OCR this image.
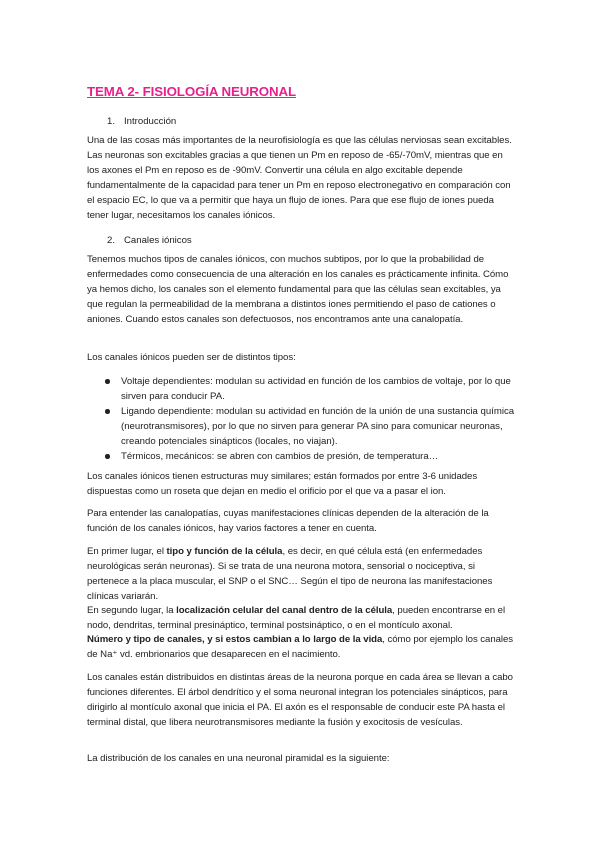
TEMA 2- FISIOLOGÍA NEURONAL
1. Introducción

Una de las cosas más importantes de la neurofisiología es que las células nerviosas sean excitables. Las neuronas son excitables gracias a que tienen un Pm en reposo de -65/-70mV, mientras que en los axones el Pm en reposo es de -90mV. Convertir una célula en algo excitable depende fundamentalmente de la capacidad para tener un Pm en reposo electronegativo en comparación con el espacio EC, lo que va a permitir que haya un flujo de iones. Para que ese flujo de iones pueda tener lugar, necesitamos los canales iónicos.

2. Canales iónicos

Tenemos muchos tipos de canales iónicos, con muchos subtipos, por lo que la probabilidad de enfermedades como consecuencia de una alteración en los canales es prácticamente infinita. Cómo ya hemos dicho, los canales son el elemento fundamental para que las células sean excitables, ya que regulan la permeabilidad de la membrana a distintos iones permitiendo el paso de cationes o aniones. Cuando estos canales son defectuosos, nos encontramos ante una canalopatía.

Los canales iónicos pueden ser de distintos tipos:

Voltaje dependientes: modulan su actividad en función de los cambios de voltaje, por lo que sirven para conducir PA.
Ligando dependiente: modulan su actividad en función de la unión de una sustancia química (neurotransmisores), por lo que no sirven para generar PA sino para comunicar neuronas, creando potenciales sinápticos (locales, no viajan).
Térmicos, mecánicos: se abren con cambios de presión, de temperatura…

Los canales iónicos tienen estructuras muy similares; están formados por entre 3-6 unidades dispuestas como un roseta que dejan en medio el orificio por el que va a pasar el ion.

Para entender las canalopatías, cuyas manifestaciones clínicas dependen de la alteración de la función de los canales iónicos, hay varios factores a tener en cuenta.

En primer lugar, el tipo y función de la célula, es decir, en qué célula está (en enfermedades neurológicas serán neuronas). Si se trata de una neurona motora, sensorial o nociceptiva, si pertenece a la placa muscular, el SNP o el SNC… Según el tipo de neurona las manifestaciones clínicas variarán.

En segundo lugar, la localización celular del canal dentro de la célula, pueden encontrarse en el nodo, dendritas, terminal presináptico, terminal postsináptico, o en el montículo axonal.

Número y tipo de canales, y si estos cambian a lo largo de la vida, cómo por ejemplo los canales de Na⁺ vd. embrionarios que desaparecen en el nacimiento.

Los canales están distribuidos en distintas áreas de la neurona porque en cada área se llevan a cabo funciones diferentes. El árbol dendrítico y el soma neuronal integran los potenciales sinápticos, para dirigirlo al montículo axonal que inicia el PA. El axón es el responsable de conducir este PA hasta el terminal distal, que libera neurotransmisores mediante la fusión y exocitosis de vesículas.

La distribución de los canales en una neuronal piramidal es la siguiente:
